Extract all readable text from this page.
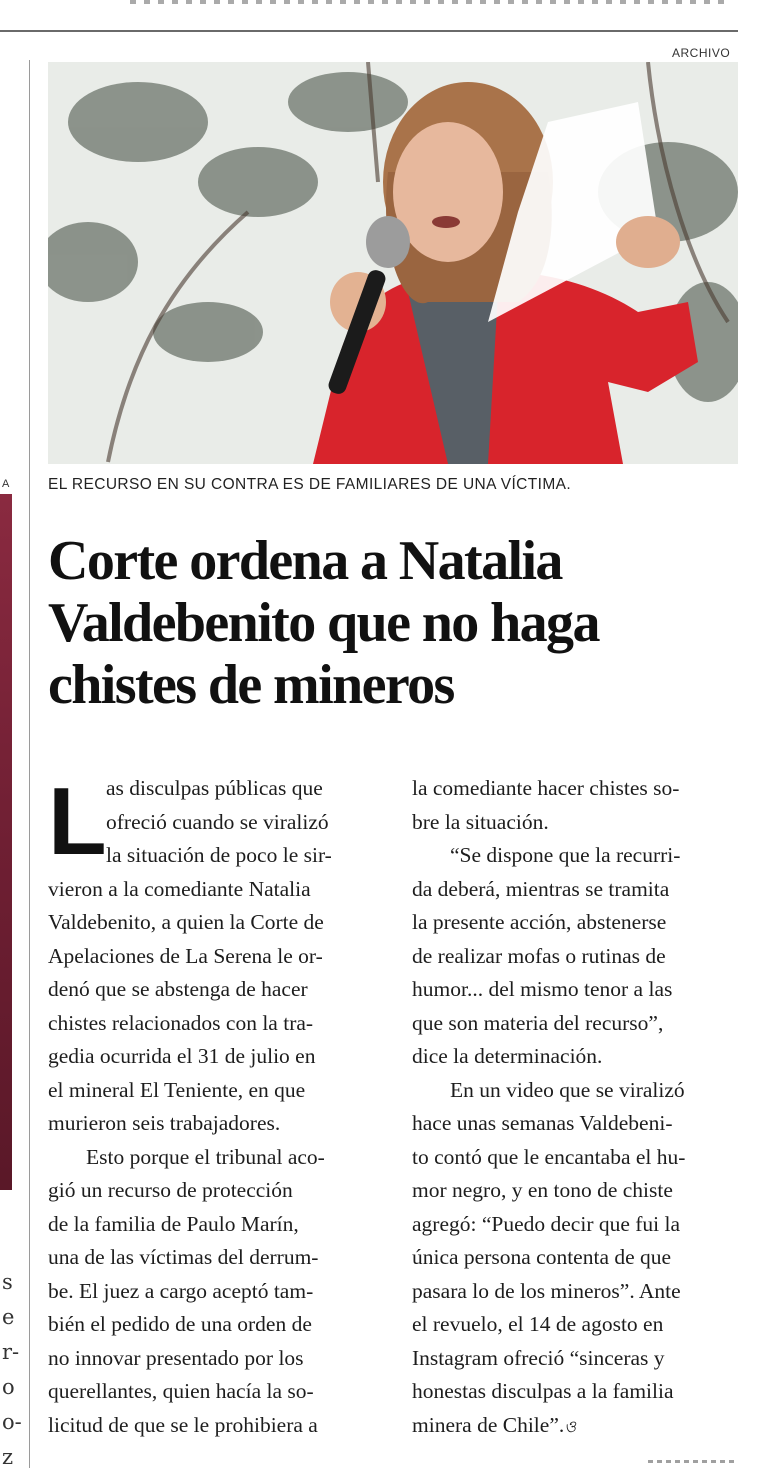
A
s
e
r-
o
o-
z
ARCHIVO
EL RECURSO EN SU CONTRA ES DE FAMILIARES DE UNA VÍCTIMA.
Corte ordena a Natalia
Valdebenito que no haga
chistes de mineros
L as disculpas públicas que
ofreció cuando se viralizó
la situación de poco le sir-
vieron a la comediante Natalia
Valdebenito, a quien la Corte de
Apelaciones de La Serena le or-
denó que se abstenga de hacer
chistes relacionados con la tra-
gedia ocurrida el 31 de julio en
el mineral El Teniente, en que
murieron seis trabajadores.
Esto porque el tribunal aco-
gió un recurso de protección
de la familia de Paulo Marín,
una de las víctimas del derrum-
be. El juez a cargo aceptó tam-
bién el pedido de una orden de
no innovar presentado por los
querellantes, quien hacía la so-
licitud de que se le prohibiera a
la comediante hacer chistes so-
bre la situación.
“Se dispone que la recurri-
da deberá, mientras se tramita
la presente acción, abstenerse
de realizar mofas o rutinas de
humor... del mismo tenor a las
que son materia del recurso”,
dice la determinación.
En un video que se viralizó
hace unas semanas Valdebeni-
to contó que le encantaba el hu-
mor negro, y en tono de chiste
agregó: “Puedo decir que fui la
única persona contenta de que
pasara lo de los mineros”. Ante
el revuelo, el 14 de agosto en
Instagram ofreció “sinceras y
honestas disculpas a la familia
minera de Chile”.ও
